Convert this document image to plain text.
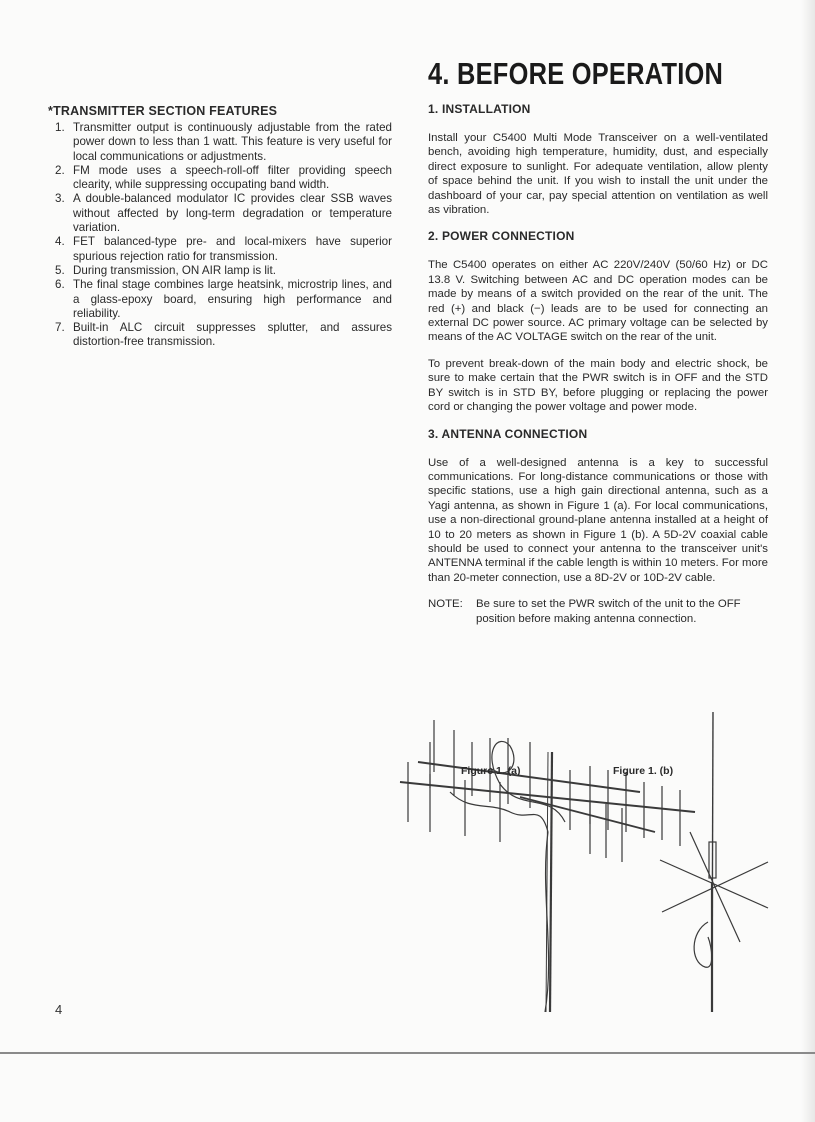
*TRANSMITTER SECTION FEATURES
1. Transmitter output is continuously adjustable from the rated power down to less than 1 watt. This feature is very useful for local communications or adjustments.
2. FM mode uses a speech-roll-off filter providing speech clearity, while suppressing occupating band width.
3. A double-balanced modulator IC provides clear SSB waves without affected by long-term degradation or temperature variation.
4. FET balanced-type pre- and local-mixers have superior spurious rejection ratio for transmission.
5. During transmission, ON AIR lamp is lit.
6. The final stage combines large heatsink, microstrip lines, and a glass-epoxy board, ensuring high performance and reliability.
7. Built-in ALC circuit suppresses splutter, and assures distortion-free transmission.
4. BEFORE OPERATION
1. INSTALLATION

Install your C5400 Multi Mode Transceiver on a well-ventilated bench, avoiding high temperature, humidity, dust, and especially direct exposure to sunlight. For adequate ventilation, allow plenty of space behind the unit. If you wish to install the unit under the dashboard of your car, pay special attention on ventilation as well as vibration.

2. POWER CONNECTION

The C5400 operates on either AC 220V/240V (50/60 Hz) or DC 13.8 V. Switching between AC and DC operation modes can be made by means of a switch provided on the rear of the unit. The red (+) and black (−) leads are to be used for connecting an external DC power source. AC primary voltage can be selected by means of the AC VOLTAGE switch on the rear of the unit.

To prevent break-down of the main body and electric shock, be sure to make certain that the PWR switch is in OFF and the STD BY switch is in STD BY, before plugging or replacing the power cord or changing the power voltage and power mode.

3. ANTENNA CONNECTION

Use of a well-designed antenna is a key to successful communications. For long-distance communications or those with specific stations, use a high gain directional antenna, such as a Yagi antenna, as shown in Figure 1 (a). For local communications, use a non-directional ground-plane antenna installed at a height of 10 to 20 meters as shown in Figure 1 (b). A 5D-2V coaxial cable should be used to connect your antenna to the transceiver unit's ANTENNA terminal if the cable length is within 10 meters. For more than 20-meter connection, use a 8D-2V or 10D-2V cable.

NOTE:	Be sure to set the PWR switch of the unit to the OFF position before making antenna connection.
Figure 1. (a)	Figure 1. (b)
4
